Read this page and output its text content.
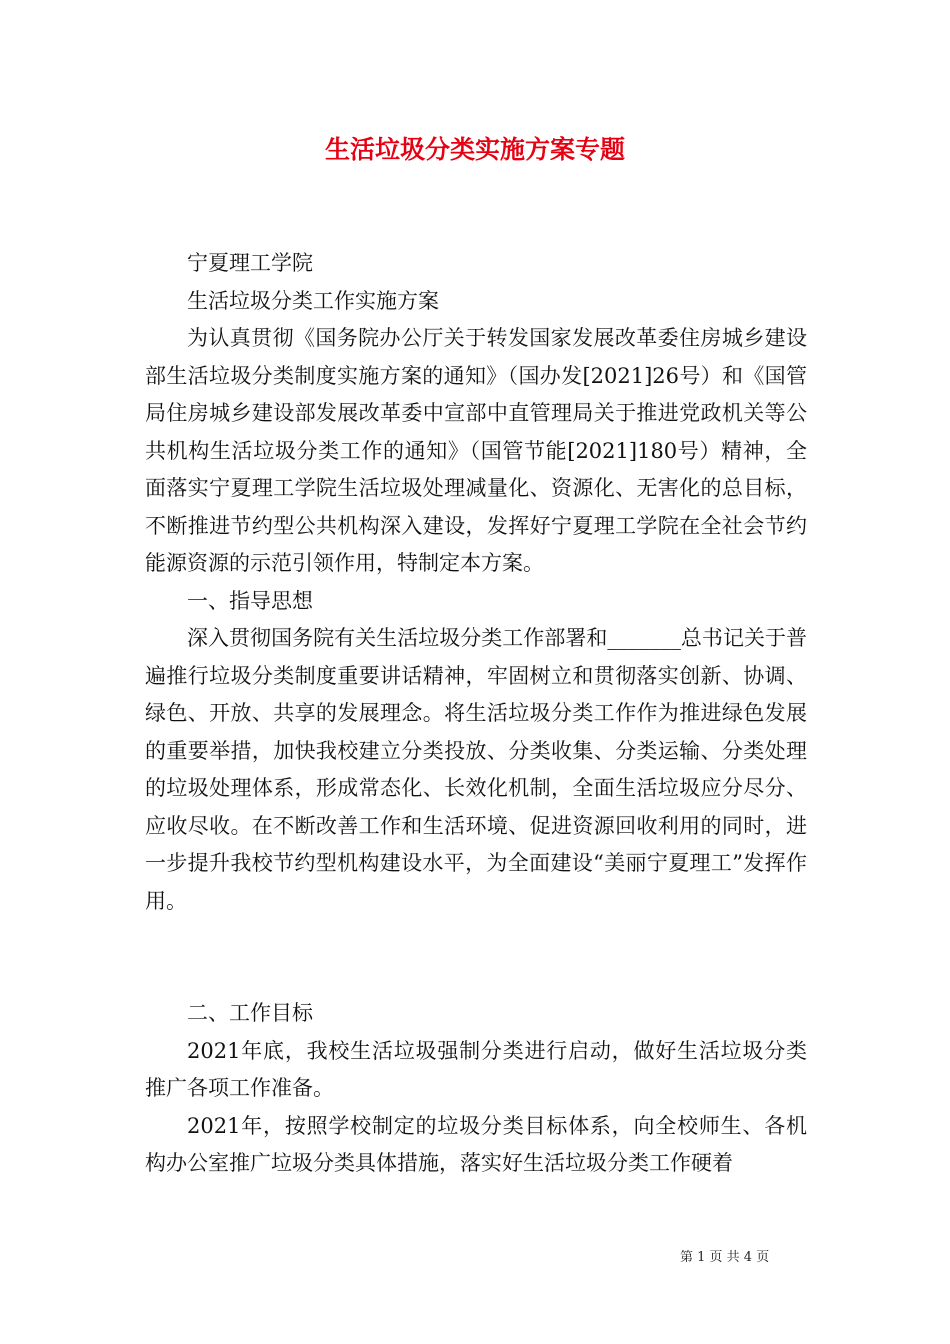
生活垃圾分类实施方案专题

宁夏理工学院

生活垃圾分类工作实施方案

为认真贯彻《国务院办公厅关于转发国家发展改革委住房城乡建设部生活垃圾分类制度实施方案的通知》（国办发[2021]26号）和《国管局住房城乡建设部发展改革委中宣部中直管理局关于推进党政机关等公共机构生活垃圾分类工作的通知》（国管节能[2021]180号）精神，全面落实宁夏理工学院生活垃圾处理减量化、资源化、无害化的总目标，不断推进节约型公共机构深入建设，发挥好宁夏理工学院在全社会节约能源资源的示范引领作用，特制定本方案。

一、指导思想

深入贯彻国务院有关生活垃圾分类工作部署和_______总书记关于普遍推行垃圾分类制度重要讲话精神，牢固树立和贯彻落实创新、协调、绿色、开放、共享的发展理念。将生活垃圾分类工作作为推进绿色发展的重要举措，加快我校建立分类投放、分类收集、分类运输、分类处理的垃圾处理体系，形成常态化、长效化机制，全面生活垃圾应分尽分、应收尽收。在不断改善工作和生活环境、促进资源回收利用的同时，进一步提升我校节约型机构建设水平，为全面建设“美丽宁夏理工”发挥作用。

二、工作目标

2021年底，我校生活垃圾强制分类进行启动，做好生活垃圾分类推广各项工作准备。

2021年，按照学校制定的垃圾分类目标体系，向全校师生、各机构办公室推广垃圾分类具体措施，落实好生活垃圾分类工作硬着

第 1 页 共 4 页
